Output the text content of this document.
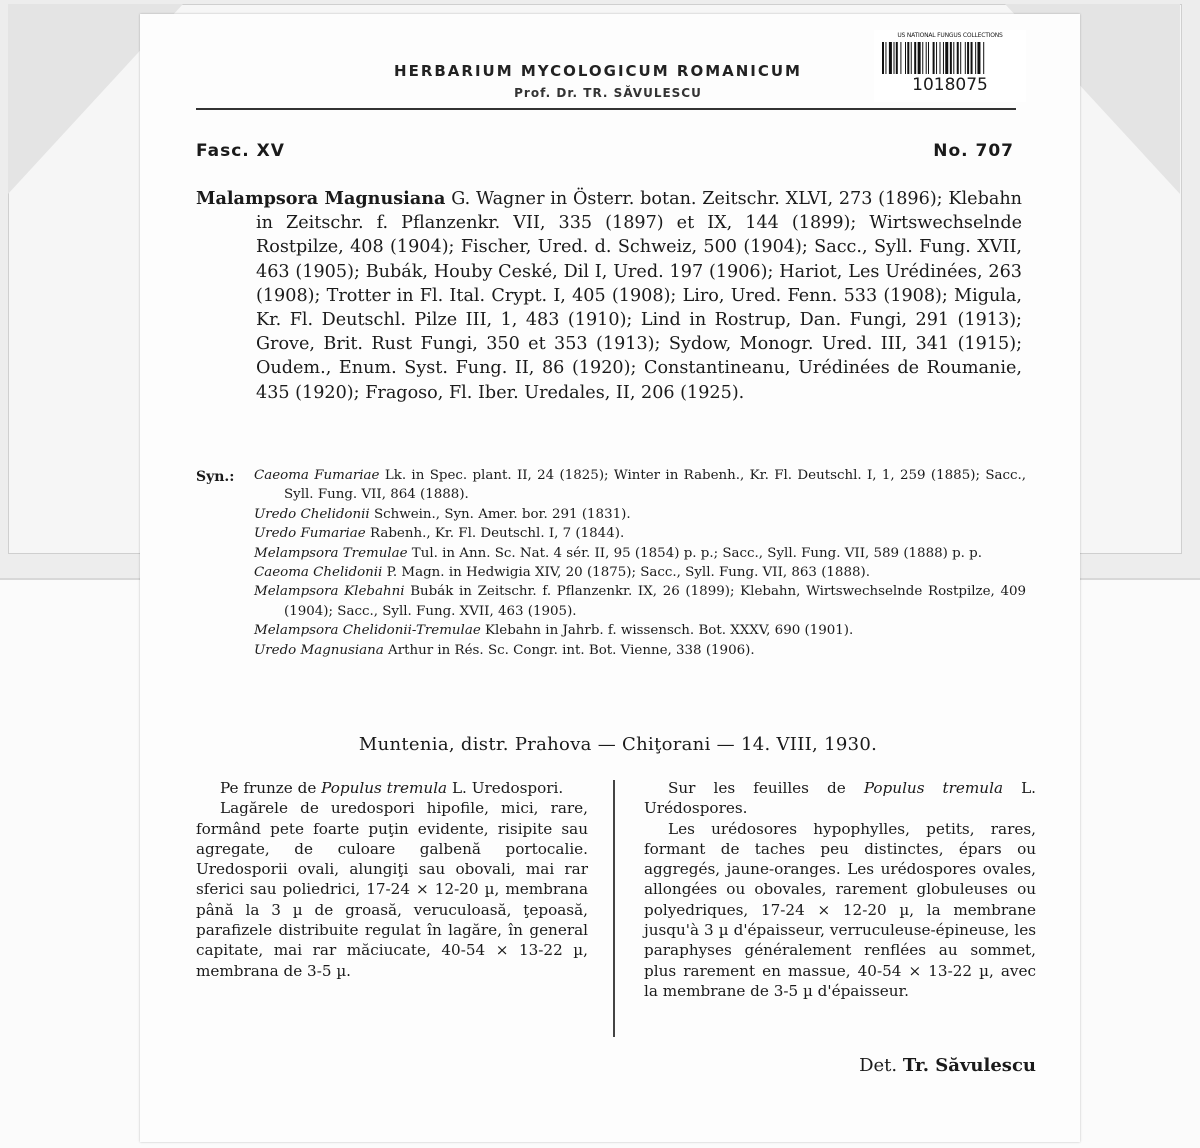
HERBARIUM MYCOLOGICUM ROMANICUM
Prof. Dr. TR. SĂVULESCU
US NATIONAL FUNGUS COLLECTIONS
1018075
Fasc. XV	No. 707
Malampsora Magnusiana G. Wagner in Österr. botan. Zeitschr. XLVI, 273 (1896); Klebahn in Zeitschr. f. Pflanzenkr. VII, 335 (1897) et IX, 144 (1899); Wirtswechselnde Rostpilze, 408 (1904); Fischer, Ured. d. Schweiz, 500 (1904); Sacc., Syll. Fung. XVII, 463 (1905); Bubák, Houby Ceské, Dil I, Ured. 197 (1906); Hariot, Les Urédinées, 263 (1908); Trotter in Fl. Ital. Crypt. I, 405 (1908); Liro, Ured. Fenn. 533 (1908); Migula, Kr. Fl. Deutschl. Pilze III, 1, 483 (1910); Lind in Rostrup, Dan. Fungi, 291 (1913); Grove, Brit. Rust Fungi, 350 et 353 (1913); Sydow, Monogr. Ured. III, 341 (1915); Oudem., Enum. Syst. Fung. II, 86 (1920); Constantineanu, Urédinées de Roumanie, 435 (1920); Fragoso, Fl. Iber. Uredales, II, 206 (1925).
Syn.: Caeoma Fumariae Lk. in Spec. plant. II, 24 (1825); Winter in Rabenh., Kr. Fl. Deutschl. I, 1, 259 (1885); Sacc., Syll. Fung. VII, 864 (1888).
Uredo Chelidonii Schwein., Syn. Amer. bor. 291 (1831).
Uredo Fumariae Rabenh., Kr. Fl. Deutschl. I, 7 (1844).
Melampsora Tremulae Tul. in Ann. Sc. Nat. 4 sér. II, 95 (1854) p. p.; Sacc., Syll. Fung. VII, 589 (1888) p. p.
Caeoma Chelidonii P. Magn. in Hedwigia XIV, 20 (1875); Sacc., Syll. Fung. VII, 863 (1888).
Melampsora Klebahni Bubák in Zeitschr. f. Pflanzenkr. IX, 26 (1899); Klebahn, Wirtswechselnde Rostpilze, 409 (1904); Sacc., Syll. Fung. XVII, 463 (1905).
Melampsora Chelidonii-Tremulae Klebahn in Jahrb. f. wissensch. Bot. XXXV, 690 (1901).
Uredo Magnusiana Arthur in Rés. Sc. Congr. int. Bot. Vienne, 338 (1906).
Muntenia, distr. Prahova — Chiţorani — 14. VIII, 1930.

Pe frunze de Populus tremula L. Uredospori.

Lagărele de uredospori hipofile, mici, rare, formând pete foarte puţin evidente, risipite sau agregate, de culoare galbenă portocalie. Uredosporii ovali, alungiţi sau obovali, mai rar sferici sau poliedrici, 17-24 × 12-20 µ, membrana până la 3 µ de groasă, veruculoasă, ţepoasă, parafizele distribuite regulat în lagăre, în general capitate, mai rar măciucate, 40-54 × 13-22 µ, membrana de 3-5 µ.

Sur les feuilles de Populus tremula L. Urédospores.

Les urédosores hypophylles, petits, rares, formant de taches peu distinctes, épars ou aggregés, jaune-oranges. Les urédospores ovales, allongées ou obovales, rarement globuleuses ou polyedriques, 17-24 × 12-20 µ, la membrane jusqu'à 3 µ d'épaisseur, verruculeuse-épineuse, les paraphyses généralement renflées au sommet, plus rarement en massue, 40-54 × 13-22 µ, avec la membrane de 3-5 µ d'épaisseur.

Det. Tr. Săvulescu
